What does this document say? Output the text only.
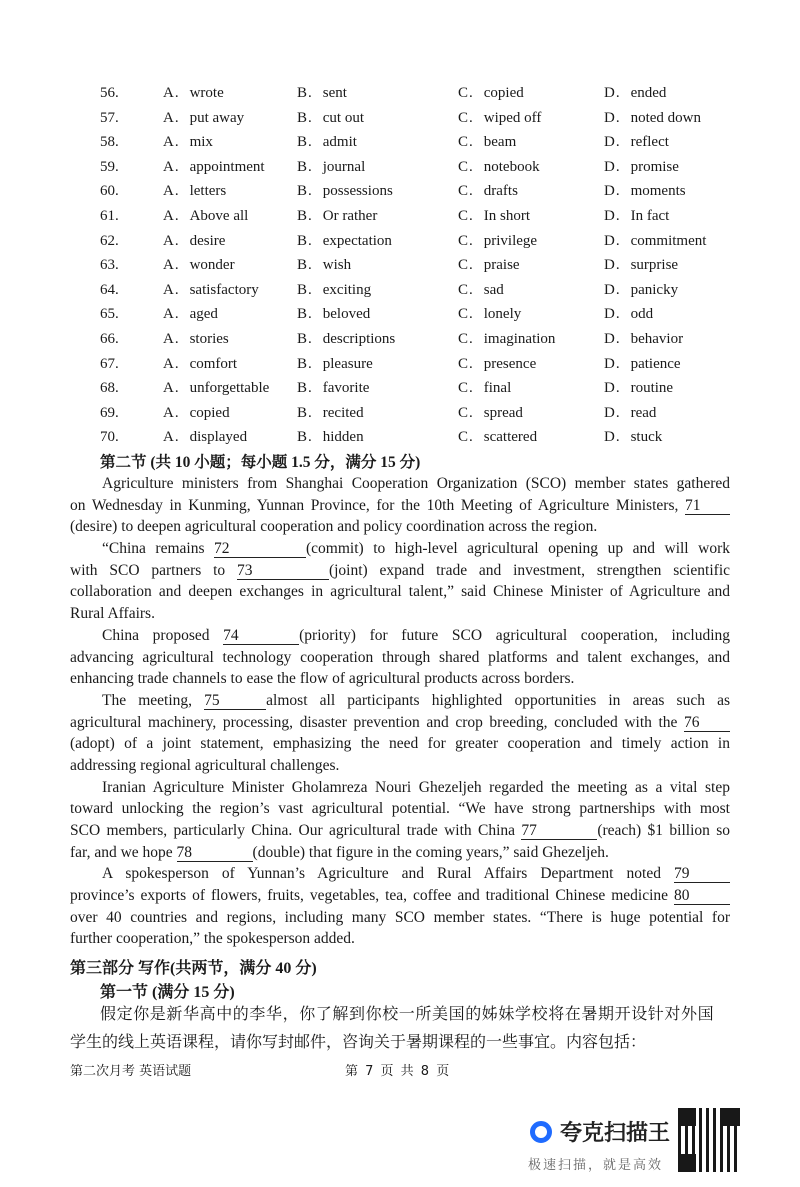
56.	A. wrote	B. sent	C. copied	D. ended
57.	A. put away	B. cut out	C. wiped off	D. noted down
58.	A. mix	B. admit	C. beam	D. reflect
59.	A. appointment B. journal	C. notebook	D. promise
60.	A. letters	B. possessions	C. drafts	D. moments
61.	A. Above all	B. Or rather	C. In short	D. In fact
62.	A. desire	B. expectation	C. privilege	D. commitment
63.	A. wonder	B. wish	C. praise	D. surprise
64.	A. satisfactory	B. exciting	C. sad	D. panicky
65.	A. aged	B. beloved	C. lonely	D. odd
66.	A. stories	B. descriptions	C. imagination	D. behavior
67.	A. comfort	B. pleasure	C. presence	D. patience
68.	A. unforgettable B. favorite	C. final	D. routine
69.	A. copied	B. recited	C. spread	D. read
70.	A. displayed	B. hidden	C. scattered	D. stuck
第二节 (共 10 小题；每小题 1.5 分，满分 15 分)
Agriculture ministers from Shanghai Cooperation Organization (SCO) member states gathered
on Wednesday in Kunming, Yunnan Province, for the 10th Meeting of Agriculture Ministers, 71
(desire) to deepen agricultural cooperation and policy coordination across the region.
“China remains 72	(commit) to high-level agricultural opening up and will work
with SCO partners to 73	(joint) expand trade and investment, strengthen scientific
collaboration and deepen exchanges in agricultural talent,” said Chinese Minister of Agriculture and
Rural Affairs.
China proposed 74	(priority) for future SCO agricultural cooperation, including
advancing agricultural technology cooperation through shared platforms and talent exchanges, and
enhancing trade channels to ease the flow of agricultural products across borders.
The meeting, 75	almost all participants highlighted opportunities in areas such as
agricultural machinery, processing, disaster prevention and crop breeding, concluded with the 76
(adopt) of a joint statement, emphasizing the need for greater cooperation and timely action in
addressing regional agricultural challenges.
Iranian Agriculture Minister Gholamreza Nouri Ghezeljeh regarded the meeting as a vital step
toward unlocking the region’s vast agricultural potential. “We have strong partnerships with most
SCO members, particularly China. Our agricultural trade with China 77	(reach) $1 billion so
far, and we hope 78	(double) that figure in the coming years,” said Ghezeljeh.
A spokesperson of Yunnan’s Agriculture and Rural Affairs Department noted 79
province’s exports of flowers, fruits, vegetables, tea, coffee and traditional Chinese medicine 80
over 40 countries and regions, including many SCO member states. “There is huge potential for
further cooperation,” the spokesperson added.
第三部分 写作(共两节，满分 40 分)
第一节 (满分 15 分)
假定你是新华高中的李华，你了解到你校一所美国的姊妹学校将在暑期开设针对外国
学生的线上英语课程，请你写封邮件，咨询关于暑期课程的一些事宜。内容包括：
第二次月考 英语试题	第 7 页 共 8 页
夸克扫描王
极速扫描，就是高效
